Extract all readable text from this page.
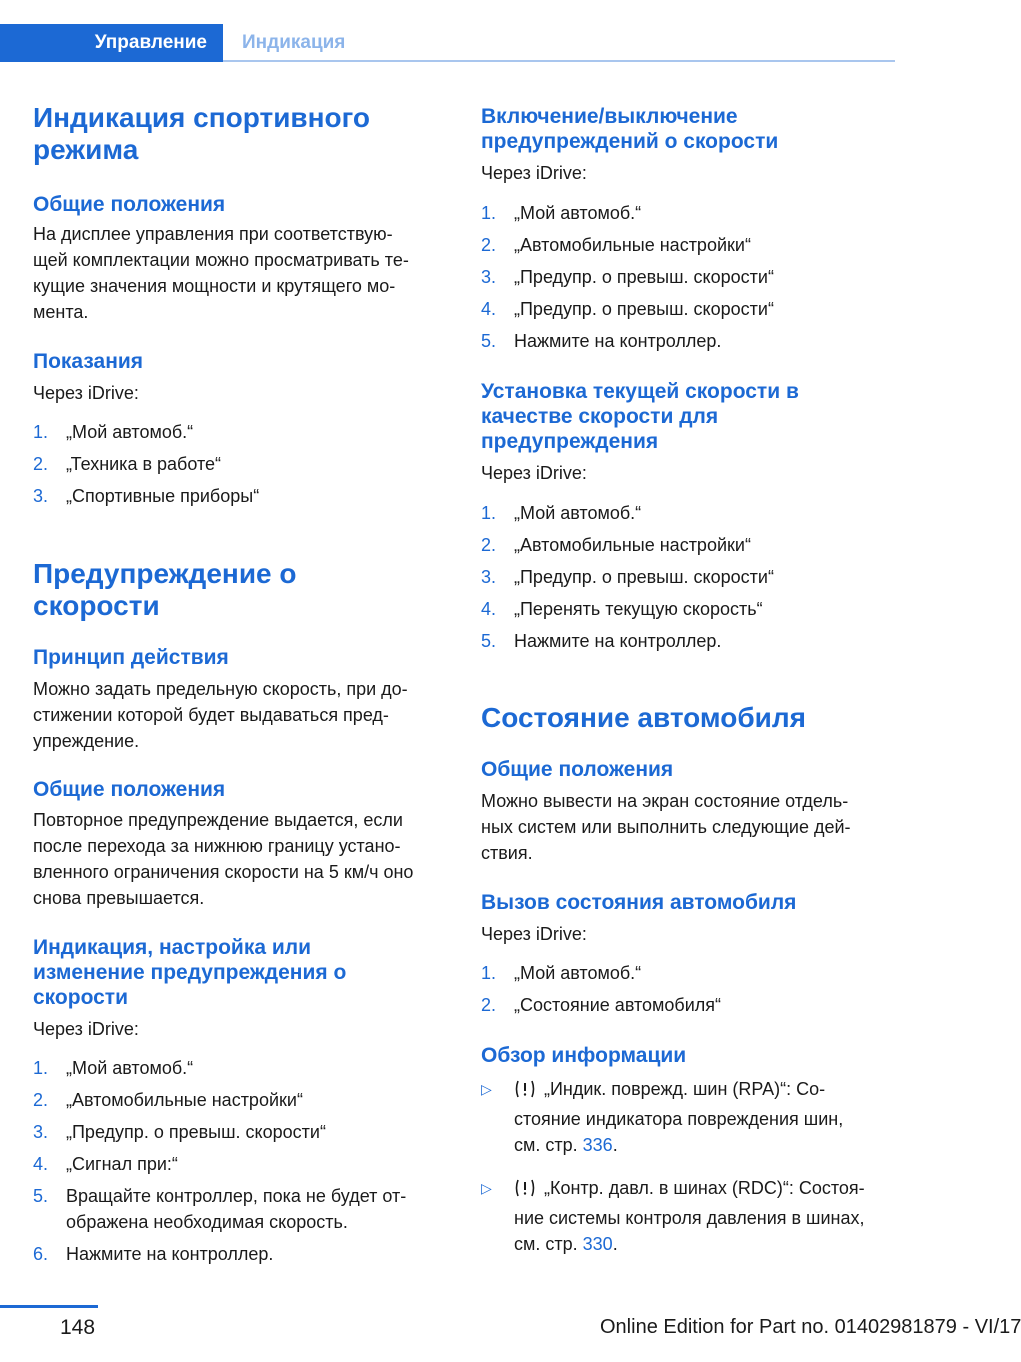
Управление	Индикация
Индикация спортивного
режима
Общие положения

На дисплее управления при соответствую-
щей комплектации можно просматривать те-
кущие значения мощности и крутящего мо-
мента.

Показания

Через iDrive:

1. „Мой автомоб.“
2. „Техника в работе“
3. „Спортивные приборы“
Предупреждение о
скорости
Принцип действия

Можно задать предельную скорость, при до-
стижении которой будет выдаваться пред-
упреждение.

Общие положения

Повторное предупреждение выдается, если
после перехода за нижнюю границу устано-
вленного ограничения скорости на 5 км/ч оно
снова превышается.

Индикация, настройка или
изменение предупреждения о
скорости

Через iDrive:

1. „Мой автомоб.“
2. „Автомобильные настройки“
3. „Предупр. о превыш. скорости“
4. „Сигнал при:“
5. Вращайте контроллер, пока не будет от-
ображена необходимая скорость.
6. Нажмите на контроллер.
Включение/выключение
предупреждений о скорости

Через iDrive:

1. „Мой автомоб.“
2. „Автомобильные настройки“
3. „Предупр. о превыш. скорости“
4. „Предупр. о превыш. скорости“
5. Нажмите на контроллер.
Установка текущей скорости в
качестве скорости для
предупреждения

Через iDrive:

1. „Мой автомоб.“
2. „Автомобильные настройки“
3. „Предупр. о превыш. скорости“
4. „Перенять текущую скорость“
5. Нажмите на контроллер.
Состояние автомобиля
Общие положения

Можно вывести на экран состояние отдель-
ных систем или выполнить следующие дей-
ствия.

Вызов состояния автомобиля

Через iDrive:

1. „Мой автомоб.“
2. „Состояние автомобиля“
Обзор информации
▷	„Индик. поврежд. шин (RPA)“: Со-
стояние индикатора повреждения шин,
см. стр. 336.
▷	„Контр. давл. в шинах (RDC)“: Состоя-
ние системы контроля давления в шинах,
см. стр. 330.
148	Online Edition for Part no. 01402981879 - VI/17
